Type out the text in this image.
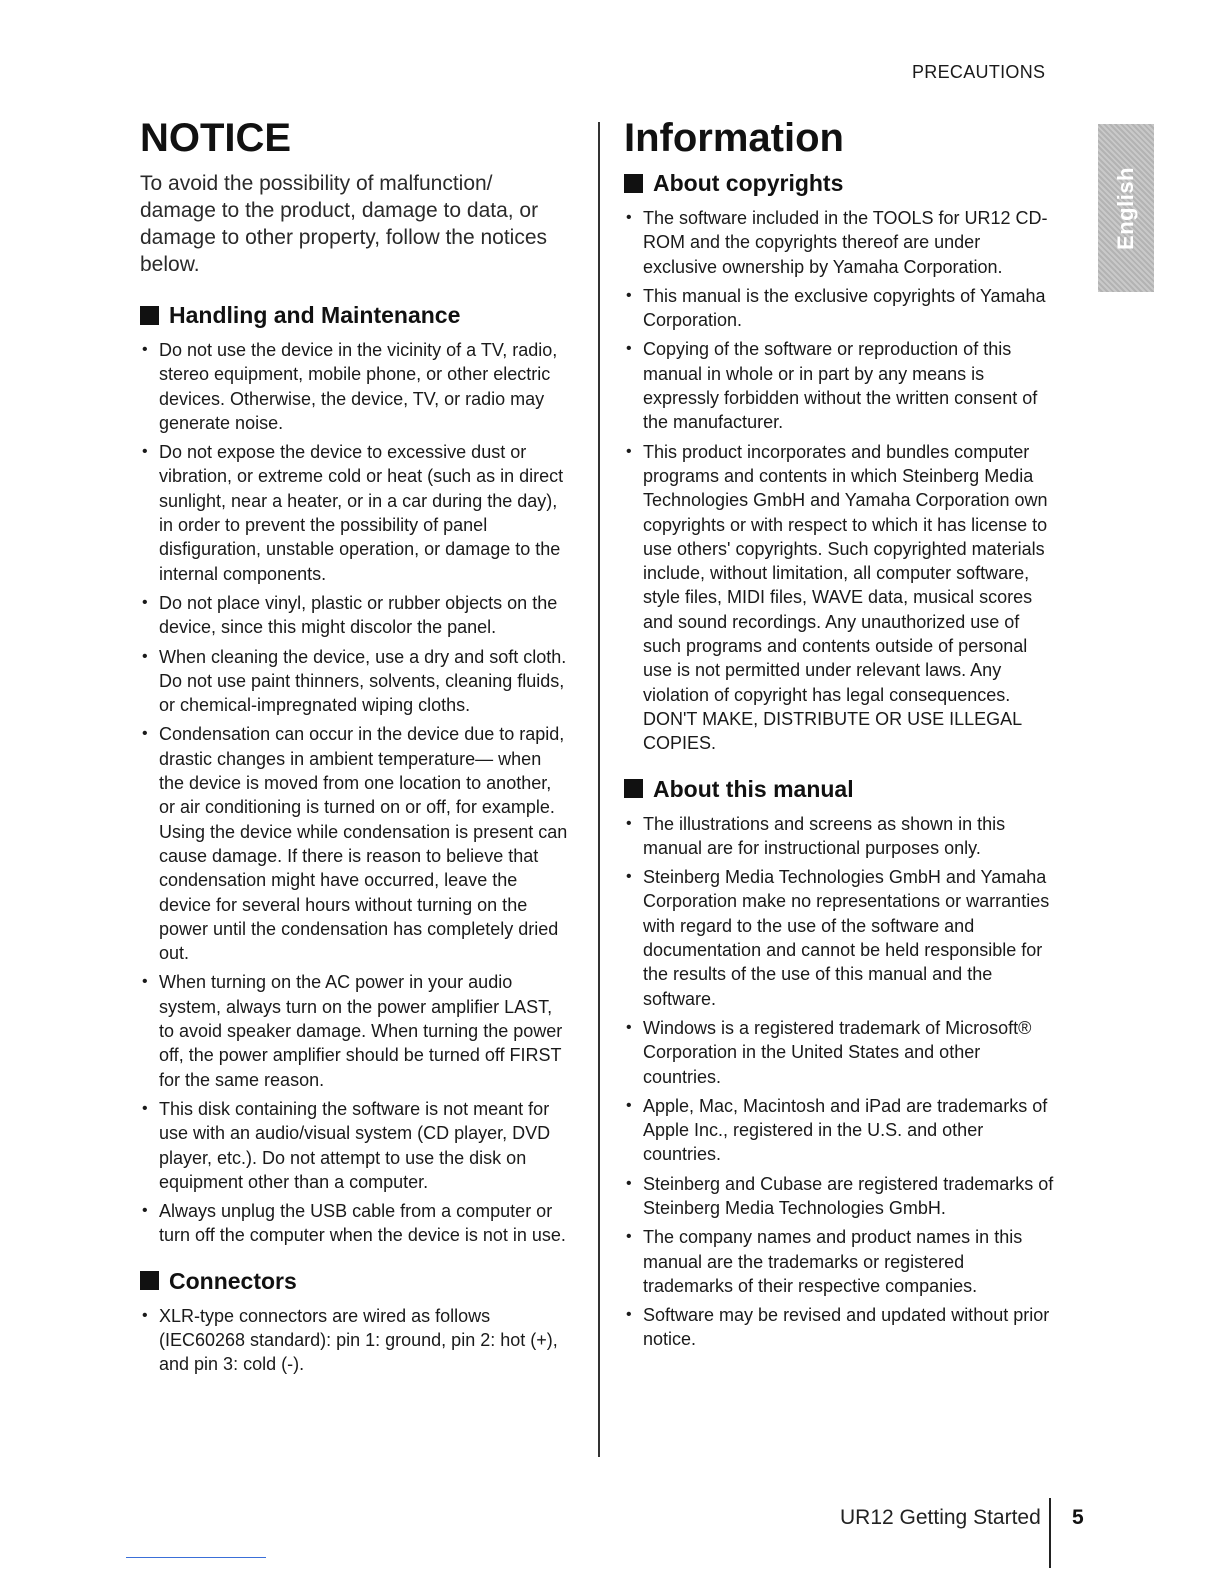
PRECAUTIONS
English
NOTICE

To avoid the possibility of malfunction/ damage to the product, damage to data, or damage to other property, follow the notices below.

Handling and Maintenance
• Do not use the device in the vicinity of a TV, radio, stereo equipment, mobile phone, or other electric devices. Otherwise, the device, TV, or radio may generate noise.
• Do not expose the device to excessive dust or vibration, or extreme cold or heat (such as in direct sunlight, near a heater, or in a car during the day), in order to prevent the possibility of panel disfiguration, unstable operation, or damage to the internal components.
• Do not place vinyl, plastic or rubber objects on the device, since this might discolor the panel.
• When cleaning the device, use a dry and soft cloth. Do not use paint thinners, solvents, cleaning fluids, or chemical-impregnated wiping cloths.
• Condensation can occur in the device due to rapid, drastic changes in ambient temperature— when the device is moved from one location to another, or air conditioning is turned on or off, for example. Using the device while condensation is present can cause damage. If there is reason to believe that condensation might have occurred, leave the device for several hours without turning on the power until the condensation has completely dried out.
• When turning on the AC power in your audio system, always turn on the power amplifier LAST, to avoid speaker damage. When turning the power off, the power amplifier should be turned off FIRST for the same reason.
• This disk containing the software is not meant for use with an audio/visual system (CD player, DVD player, etc.). Do not attempt to use the disk on equipment other than a computer.
• Always unplug the USB cable from a computer or turn off the computer when the device is not in use.
Connectors
• XLR-type connectors are wired as follows (IEC60268 standard): pin 1: ground, pin 2: hot (+), and pin 3: cold (-).
Information
About copyrights
• The software included in the TOOLS for UR12 CD-ROM and the copyrights thereof are under exclusive ownership by Yamaha Corporation.
• This manual is the exclusive copyrights of Yamaha Corporation.
• Copying of the software or reproduction of this manual in whole or in part by any means is expressly forbidden without the written consent of the manufacturer.
• This product incorporates and bundles computer programs and contents in which Steinberg Media Technologies GmbH and Yamaha Corporation own copyrights or with respect to which it has license to use others' copyrights. Such copyrighted materials include, without limitation, all computer software, style files, MIDI files, WAVE data, musical scores and sound recordings. Any unauthorized use of such programs and contents outside of personal use is not permitted under relevant laws. Any violation of copyright has legal consequences. DON'T MAKE, DISTRIBUTE OR USE ILLEGAL COPIES.
About this manual
• The illustrations and screens as shown in this manual are for instructional purposes only.
• Steinberg Media Technologies GmbH and Yamaha Corporation make no representations or warranties with regard to the use of the software and documentation and cannot be held responsible for the results of the use of this manual and the software.
• Windows is a registered trademark of Microsoft® Corporation in the United States and other countries.
• Apple, Mac, Macintosh and iPad are trademarks of Apple Inc., registered in the U.S. and other countries.
• Steinberg and Cubase are registered trademarks of Steinberg Media Technologies GmbH.
• The company names and product names in this manual are the trademarks or registered trademarks of their respective companies.
• Software may be revised and updated without prior notice.
UR12 Getting Started 5
